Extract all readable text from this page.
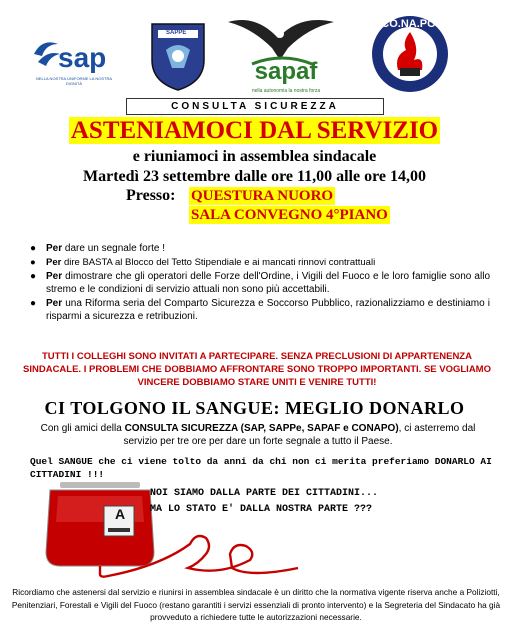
sap
NELLA NOSTRA UNIFORME LA NOSTRA DIGNITÀ
SAPPE
sapaf
nella autonomia la nostra forza
CO.NA.PO.
CONSULTA SICUREZZA
ASTENIAMOCI DAL SERVIZIO
e riuniamoci in assemblea sindacale
Martedì 23 settembre dalle ore 11,00 alle ore 14,00
Presso: QUESTURA NUORO
SALA CONVEGNO 4°PIANO
● Per dare un segnale forte !
● Per dire BASTA al Blocco del Tetto Stipendiale e ai mancati rinnovi contrattuali
● Per dimostrare che gli operatori delle Forze dell'Ordine, i Vigili del Fuoco e le loro famiglie sono allo stremo e le condizioni di servizio attuali non sono più accettabili.
● Per una Riforma seria del Comparto Sicurezza e Soccorso Pubblico, razionalizziamo e destiniamo i risparmi a sicurezza e retribuzioni.
TUTTI I COLLEGHI SONO INVITATI A PARTECIPARE. SENZA PRECLUSIONI DI APPARTENENZA SINDACALE. I PROBLEMI CHE DOBBIAMO AFFRONTARE SONO TROPPO IMPORTANTI. SE VOGLIAMO VINCERE DOBBIAMO STARE UNITI E VENIRE TUTTI!
CI TOLGONO IL SANGUE: MEGLIO DONARLO
Con gli amici della CONSULTA SICUREZZA (SAP, SAPPe, SAPAF e CONAPO), ci asterremo dal servizio per tre ore per dare un forte segnale a tutto il Paese.
Quel SANGUE che ci viene tolto da anni da chi non ci merita preferiamo DONARLO AI CITTADINI !!!
A
NOI SIAMO DALLA PARTE DEI CITTADINI...
MA LO STATO E' DALLA NOSTRA PARTE ???
Ricordiamo che astenersi dal servizio e riunirsi in assemblea sindacale è un diritto che la normativa vigente riserva anche a Poliziotti, Penitenziari, Forestali e Vigili del Fuoco (restano garantiti i servizi essenziali di pronto intervento) e la Segreteria del Sindacato ha già provveduto a richiedere tutte le autorizzazioni necessarie.
